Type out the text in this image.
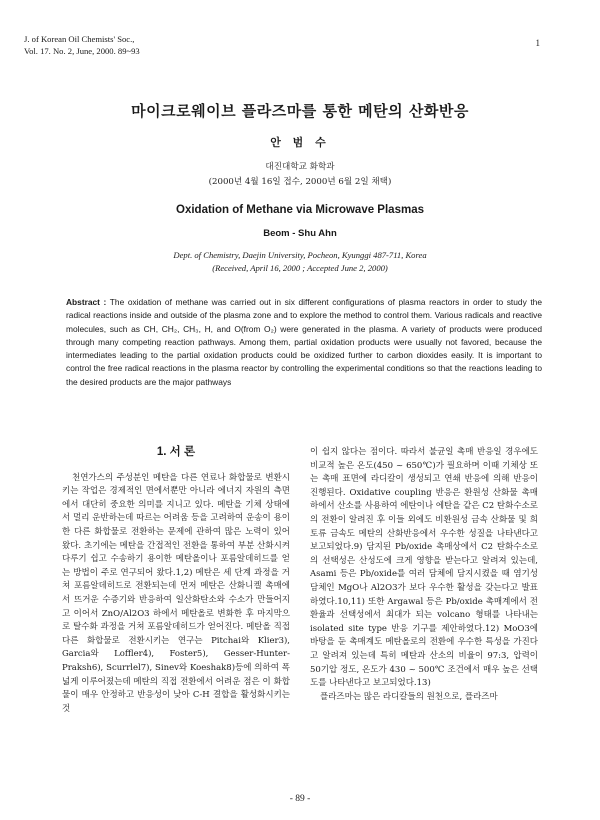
J. of Korean Oil Chemists' Soc.,
Vol. 17. No. 2, June, 2000. 89~93
1
마이크로웨이브 플라즈마를 통한 메탄의 산화반응
안 범 수
대진대학교 화학과
(2000년 4월 16일 접수, 2000년 6월 2일 채택)
Oxidation of Methane via Microwave Plasmas
Beom - Shu Ahn
Dept. of Chemistry, Daejin University, Pocheon, Kyunggi 487-711, Korea
(Received, April 16, 2000 ; Accepted June 2, 2000)
Abstract : The oxidation of methane was carried out in six different configurations of plasma reactors in order to study the radical reactions inside and outside of the plasma zone and to explore the method to control them. Various radicals and reactive molecules, such as CH, CH₂, CH₃, H, and O(from O₂) were generated in the plasma. A variety of products were produced through many competing reaction pathways. Among them, partial oxidation products were usually not favored, because the intermediates leading to the partial oxidation products could be oxidized further to carbon dioxides easily. It is important to control the free radical reactions in the plasma reactor by controlling the experimental conditions so that the reactions leading to the desired products are the major pathways
1. 서 론

천연가스의 주성분인 메탄을 다른 연료나 화합물로 변환시키는 작업은 경제적인 면에서뿐만 아니라 에너지 자원의 측면에서 대단히 중요한 의미를 지니고 있다. 메탄을 기체 상태에서 멀리 운반하는데 따르는 어려움 등을 고려하여 운송이 용이한 다른 화합물로 전환하는 문제에 관하여 많은 노력이 있어 왔다. 초기에는 메탄을 간접적인 전환을 통하여 부분 산화시켜 다루기 쉽고 수송하기 용이한 메탄올이나 포름알데히드를 얻는 방법이 주로 연구되어 왔다.1,2) 메탄은 세 단계 과정을 거쳐 포름알데히드로 전환되는데 먼저 메탄은 산화니켈 촉매에서 뜨거운 수증기와 반응하여 일산화탄소와 수소가 만들어지고 이어서 ZnO/Al2O3 하에서 메탄올로 변화한 후 마지막으로 탈수화 과정을 거쳐 포름알데히드가 얻어진다. 메탄올 직접 다른 화합물로 전환시키는 연구는 Pitchai와 Klier3), Garcia와 Loffler4), Foster5), Gesser-Hunter-Praksh6), Scurrlel7), Sinev와 Koeshak8)등에 의하여 폭넓게 이루어졌는데 메탄의 직접 전환에서 어려운 점은 이 화합물이 매우 안정하고 반응성이 낮아 C-H 결합을 활성화시키는 것

이 쉽지 않다는 점이다. 따라서 불균일 촉매 반응일 경우에도 비교적 높은 온도(450 ~ 650℃)가 필요하며 이때 기체상 또는 촉매 표면에 라디칼이 생성되고 연쇄 반응에 의해 반응이 진행된다. Oxidative coupling 반응은 환원성 산화물 촉매하에서 산소를 사용하여 에탄이나 에탄을 같은 C2 탄화수소로의 전환이 알려진 후 이들 외에도 비환원성 금속 산화물 및 희토류 금속도 메탄의 산화반응에서 우수한 성질을 나타낸다고 보고되었다.9) 담지된 Pb/oxide 촉매상에서 C2 탄화수소로의 선택성은 산성도에 크게 영향을 받는다고 알려져 있는데, Asami 등은 Pb/oxide를 여러 담체에 담지시켰을 때 염기성 담체인 MgO나 Al2O3가 보다 우수한 활성을 갖는다고 발표하였다.10,11) 또한 Argawal 등은 Pb/oxide 촉매계에서 전환율과 선택성에서 최대가 되는 volcano 형태를 나타내는 isolated site type 반응 기구를 제안하였다.12) MoO3에 바탕을 둔 촉매계도 메탄올로의 전환에 우수한 특성을 가진다고 알려져 있는데 특히 메탄과 산소의 비율이 97:3, 압력이 50기압 정도, 온도가 430 ~ 500℃ 조건에서 매우 높은 선택도를 나타낸다고 보고되었다.13)

플라즈마는 많은 라디칼들의 원천으로, 플라즈마

- 89 -
